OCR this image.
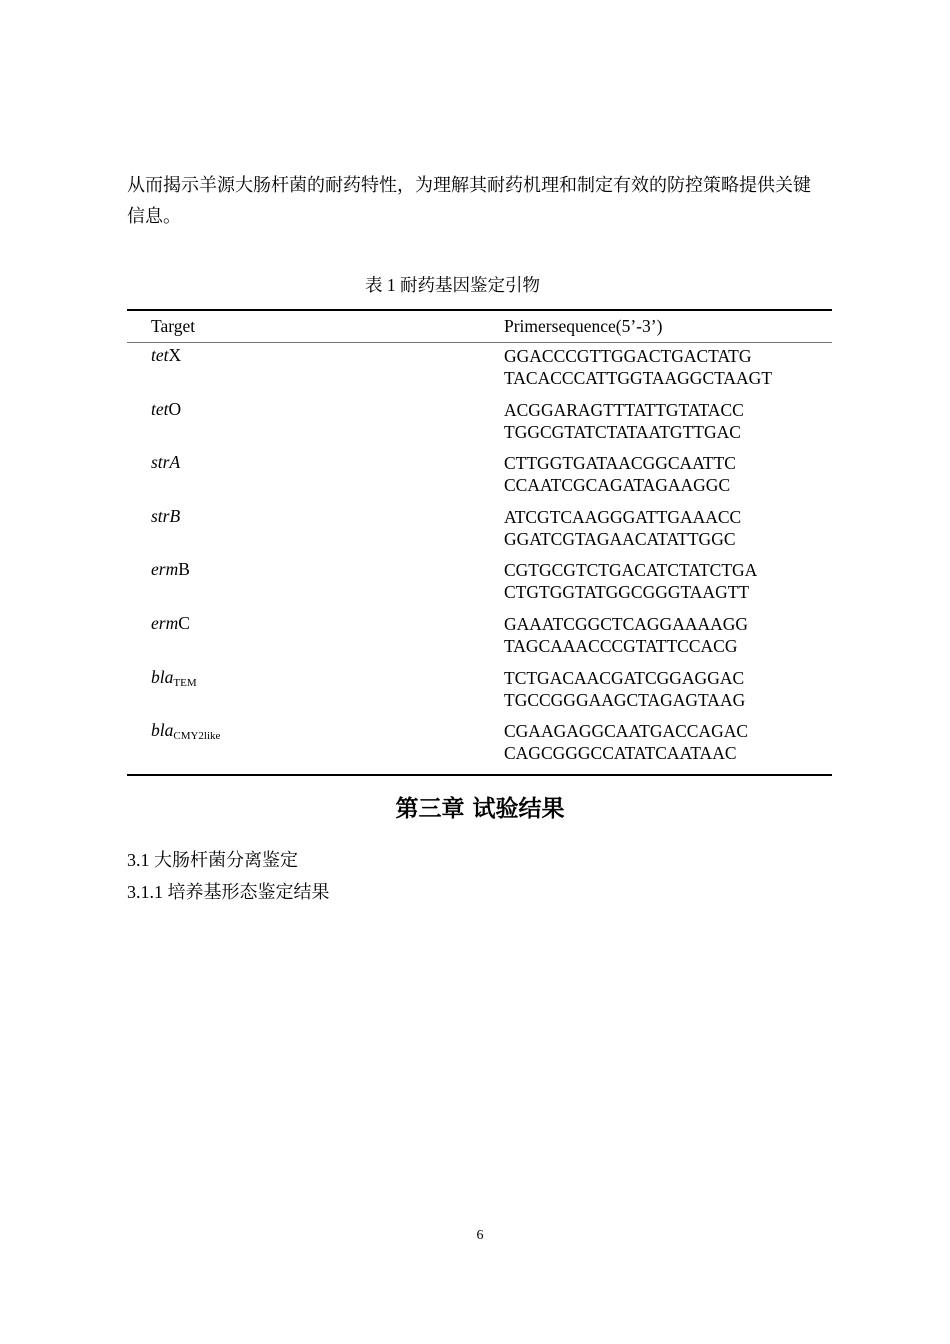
从而揭示羊源大肠杆菌的耐药特性，为理解其耐药机理和制定有效的防控策略提供关键信息。

表 1 耐药基因鉴定引物

Target	Primersequence(5’-3’)
tetX	GGACCCGTTGGACTGACTATG
TACACCCATTGGTAAGGCTAAGT

tetO	ACGGARAGTTTATTGTATACC
TGGCGTATCTATAATGTTGAC

strA	CTTGGTGATAACGGCAATTC
CCAATCGCAGATAGAAGGC

strB	ATCGTCAAGGGATTGAAACC
GGATCGTAGAACATATTGGC

ermB	CGTGCGTCTGACATCTATCTGA
CTGTGGTATGGCGGGTAAGTT

ermC	GAAATCGGCTCAGGAAAAGG
TAGCAAACCCGTATTCCACG

bla$_{TEM}$	TCTGACAACGATCGGAGGAC
TGCCGGGAAGCTAGAGTAAG

bla$_{CMY2like}$	CGAAGAGGCAATGACCAGAC
CAGCGGGCCATATCAATAAC
第三章 试验结果

3.1 大肠杆菌分离鉴定

3.1.1 培养基形态鉴定结果

6
